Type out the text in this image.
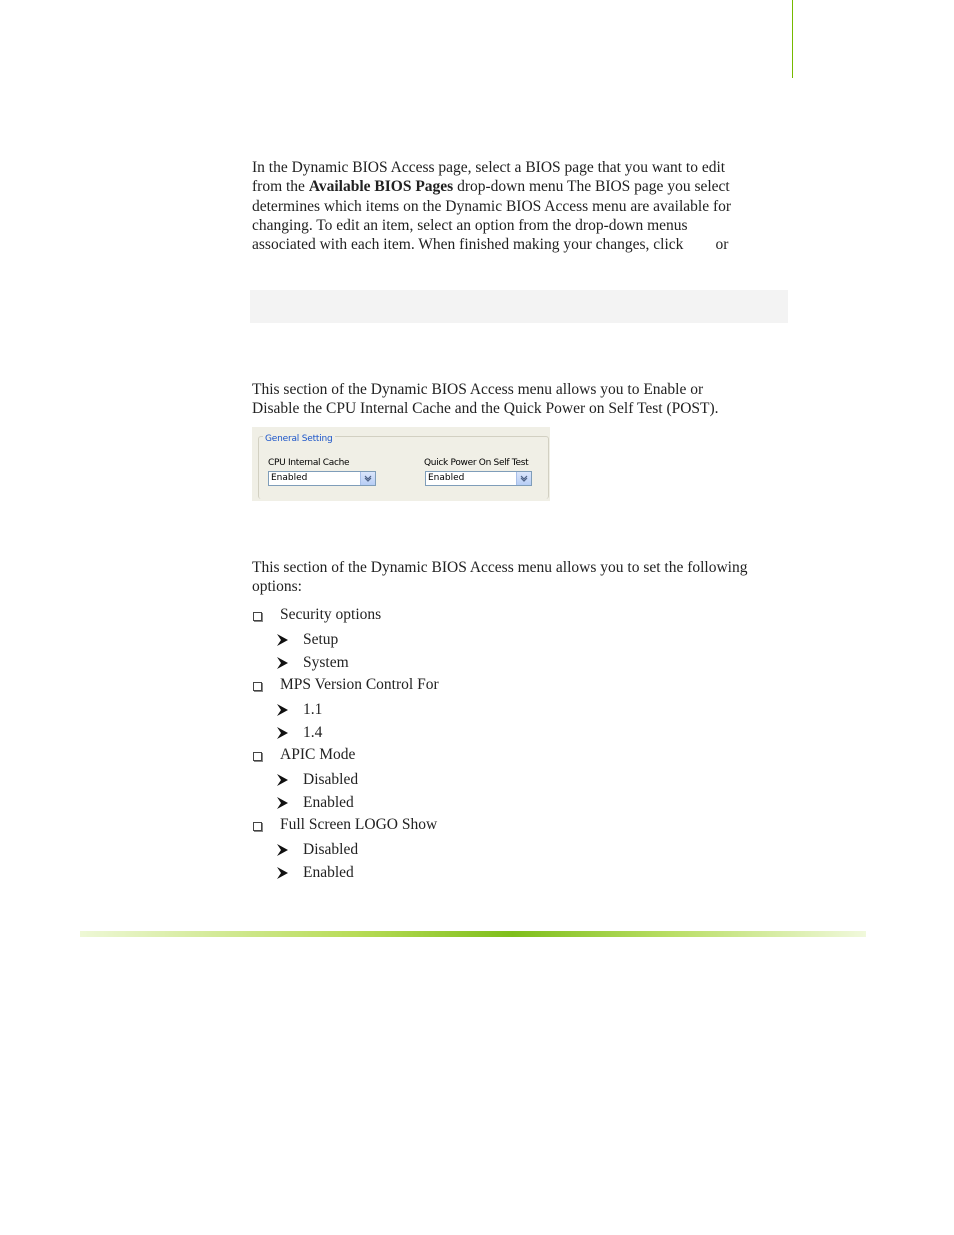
In the Dynamic BIOS Access page, select a BIOS page that you want to edit
from the Available BIOS Pages drop-down menu The BIOS page you select
determines which items on the Dynamic BIOS Access menu are available for
changing. To edit an item, select an option from the drop-down menus
associated with each item. When finished making your changes, click or
This section of the Dynamic BIOS Access menu allows you to Enable or
Disable the CPU Internal Cache and the Quick Power on Self Test (POST).
General Setting
CPU Internal Cache	Quick Power On Self Test
Enabled	Enabled
This section of the Dynamic BIOS Access menu allows you to set the following
options:
Security options
Setup
System
MPS Version Control For
1.1
1.4
APIC Mode
Disabled
Enabled
Full Screen LOGO Show
Disabled
Enabled
